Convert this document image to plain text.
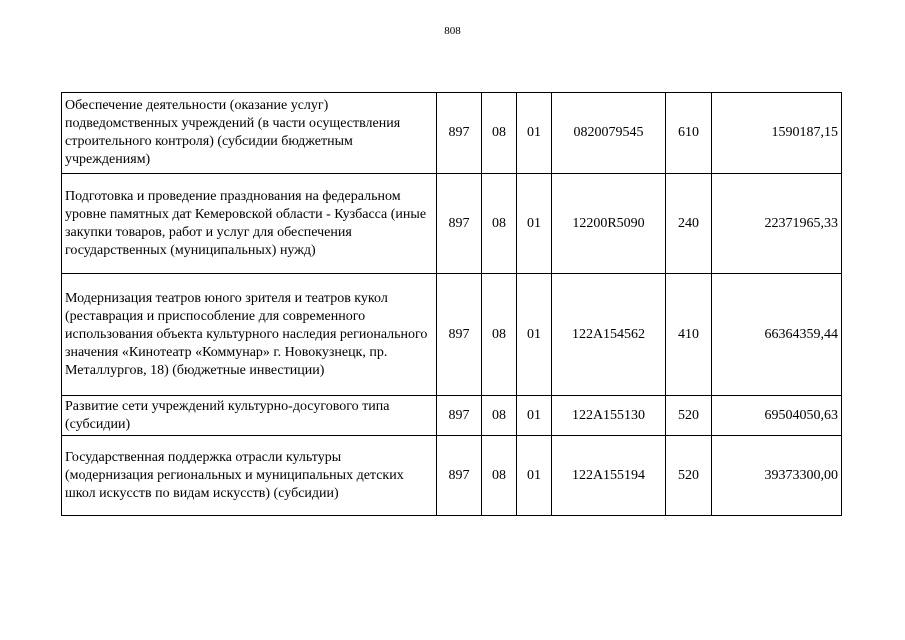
808
Обеспечение деятельности (оказание услуг) подведомственных учреждений (в части осуществления строительного контроля) (субсидии бюджетным учреждениям)	897	08	01	0820079545	610	1590187,15
Подготовка и проведение празднования на федеральном уровне памятных дат Кемеровской области - Кузбасса (иные закупки товаров, работ и услуг для обеспечения государственных (муниципальных) нужд)	897	08	01	12200R5090	240	22371965,33
Модернизация театров юного зрителя и театров кукол (реставрация и приспособление для современного использования объекта культурного наследия регионального значения «Кинотеатр «Коммунар» г. Новокузнецк, пр. Металлургов, 18) (бюджетные инвестиции)	897	08	01	122A154562	410	66364359,44
Развитие сети учреждений культурно-досугового типа (субсидии)	897	08	01	122A155130	520	69504050,63
Государственная поддержка отрасли культуры (модернизация региональных и муниципальных детских школ искусств по видам искусств) (субсидии)	897	08	01	122A155194	520	39373300,00
